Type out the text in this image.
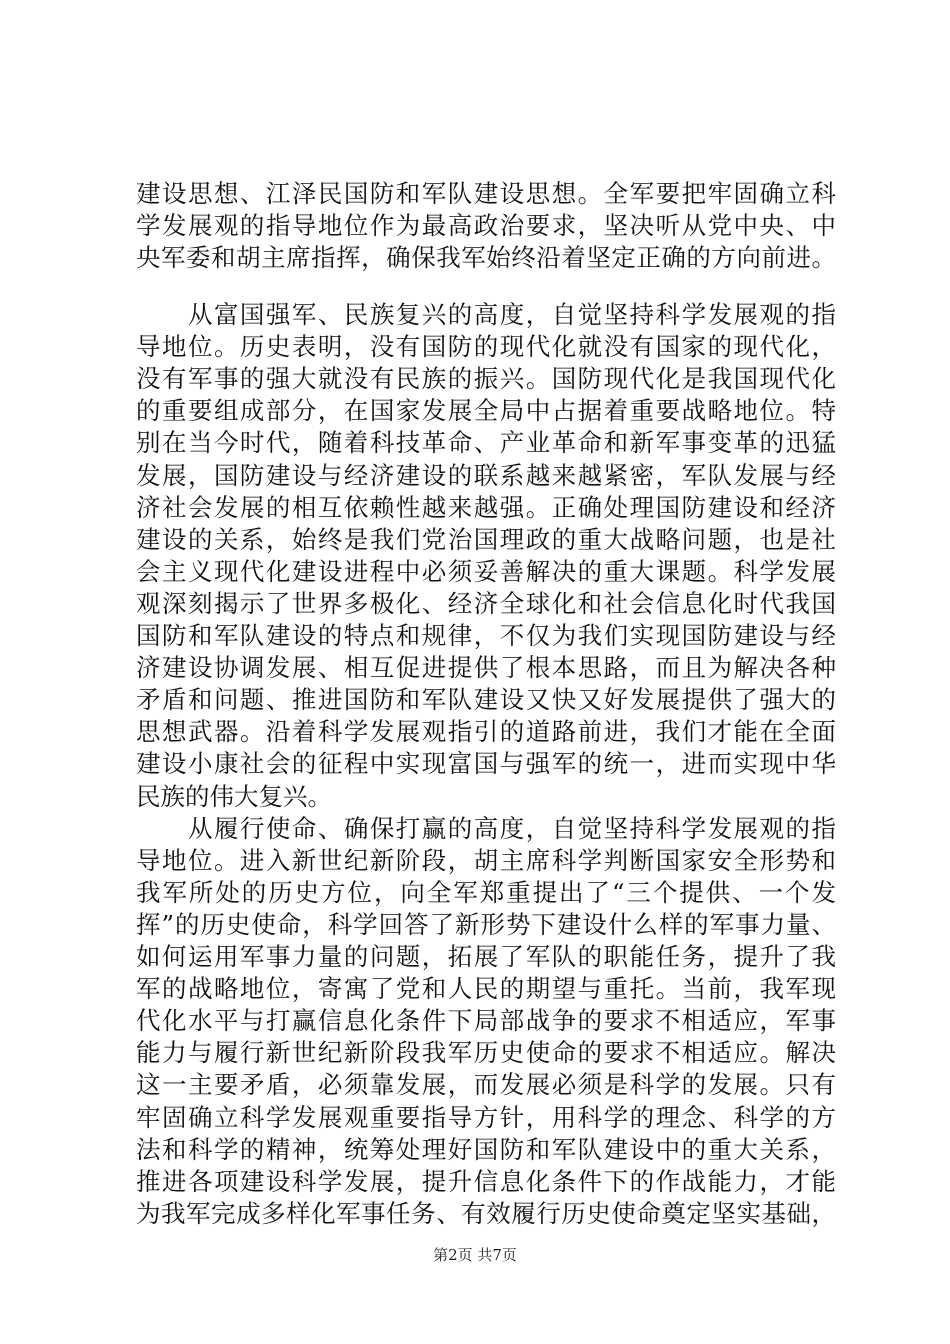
建设思想、江泽民国防和军队建设思想。全军要把牢固确立科
学发展观的指导地位作为最高政治要求，坚决听从党中央、中
央军委和胡主席指挥，确保我军始终沿着坚定正确的方向前进。
　　从富国强军、民族复兴的高度，自觉坚持科学发展观的指
导地位。历史表明，没有国防的现代化就没有国家的现代化，
没有军事的强大就没有民族的振兴。国防现代化是我国现代化
的重要组成部分，在国家发展全局中占据着重要战略地位。特
别在当今时代，随着科技革命、产业革命和新军事变革的迅猛
发展，国防建设与经济建设的联系越来越紧密，军队发展与经
济社会发展的相互依赖性越来越强。正确处理国防建设和经济
建设的关系，始终是我们党治国理政的重大战略问题，也是社
会主义现代化建设进程中必须妥善解决的重大课题。科学发展
观深刻揭示了世界多极化、经济全球化和社会信息化时代我国
国防和军队建设的特点和规律，不仅为我们实现国防建设与经
济建设协调发展、相互促进提供了根本思路，而且为解决各种
矛盾和问题、推进国防和军队建设又快又好发展提供了强大的
思想武器。沿着科学发展观指引的道路前进，我们才能在全面
建设小康社会的征程中实现富国与强军的统一，进而实现中华
民族的伟大复兴。
　　从履行使命、确保打赢的高度，自觉坚持科学发展观的指
导地位。进入新世纪新阶段，胡主席科学判断国家安全形势和
我军所处的历史方位，向全军郑重提出了“三个提供、一个发
挥”的历史使命，科学回答了新形势下建设什么样的军事力量、
如何运用军事力量的问题，拓展了军队的职能任务，提升了我
军的战略地位，寄寓了党和人民的期望与重托。当前，我军现
代化水平与打赢信息化条件下局部战争的要求不相适应，军事
能力与履行新世纪新阶段我军历史使命的要求不相适应。解决
这一主要矛盾，必须靠发展，而发展必须是科学的发展。只有
牢固确立科学发展观重要指导方针，用科学的理念、科学的方
法和科学的精神，统筹处理好国防和军队建设中的重大关系，
推进各项建设科学发展，提升信息化条件下的作战能力，才能
为我军完成多样化军事任务、有效履行历史使命奠定坚实基础，
第2页 共7页
